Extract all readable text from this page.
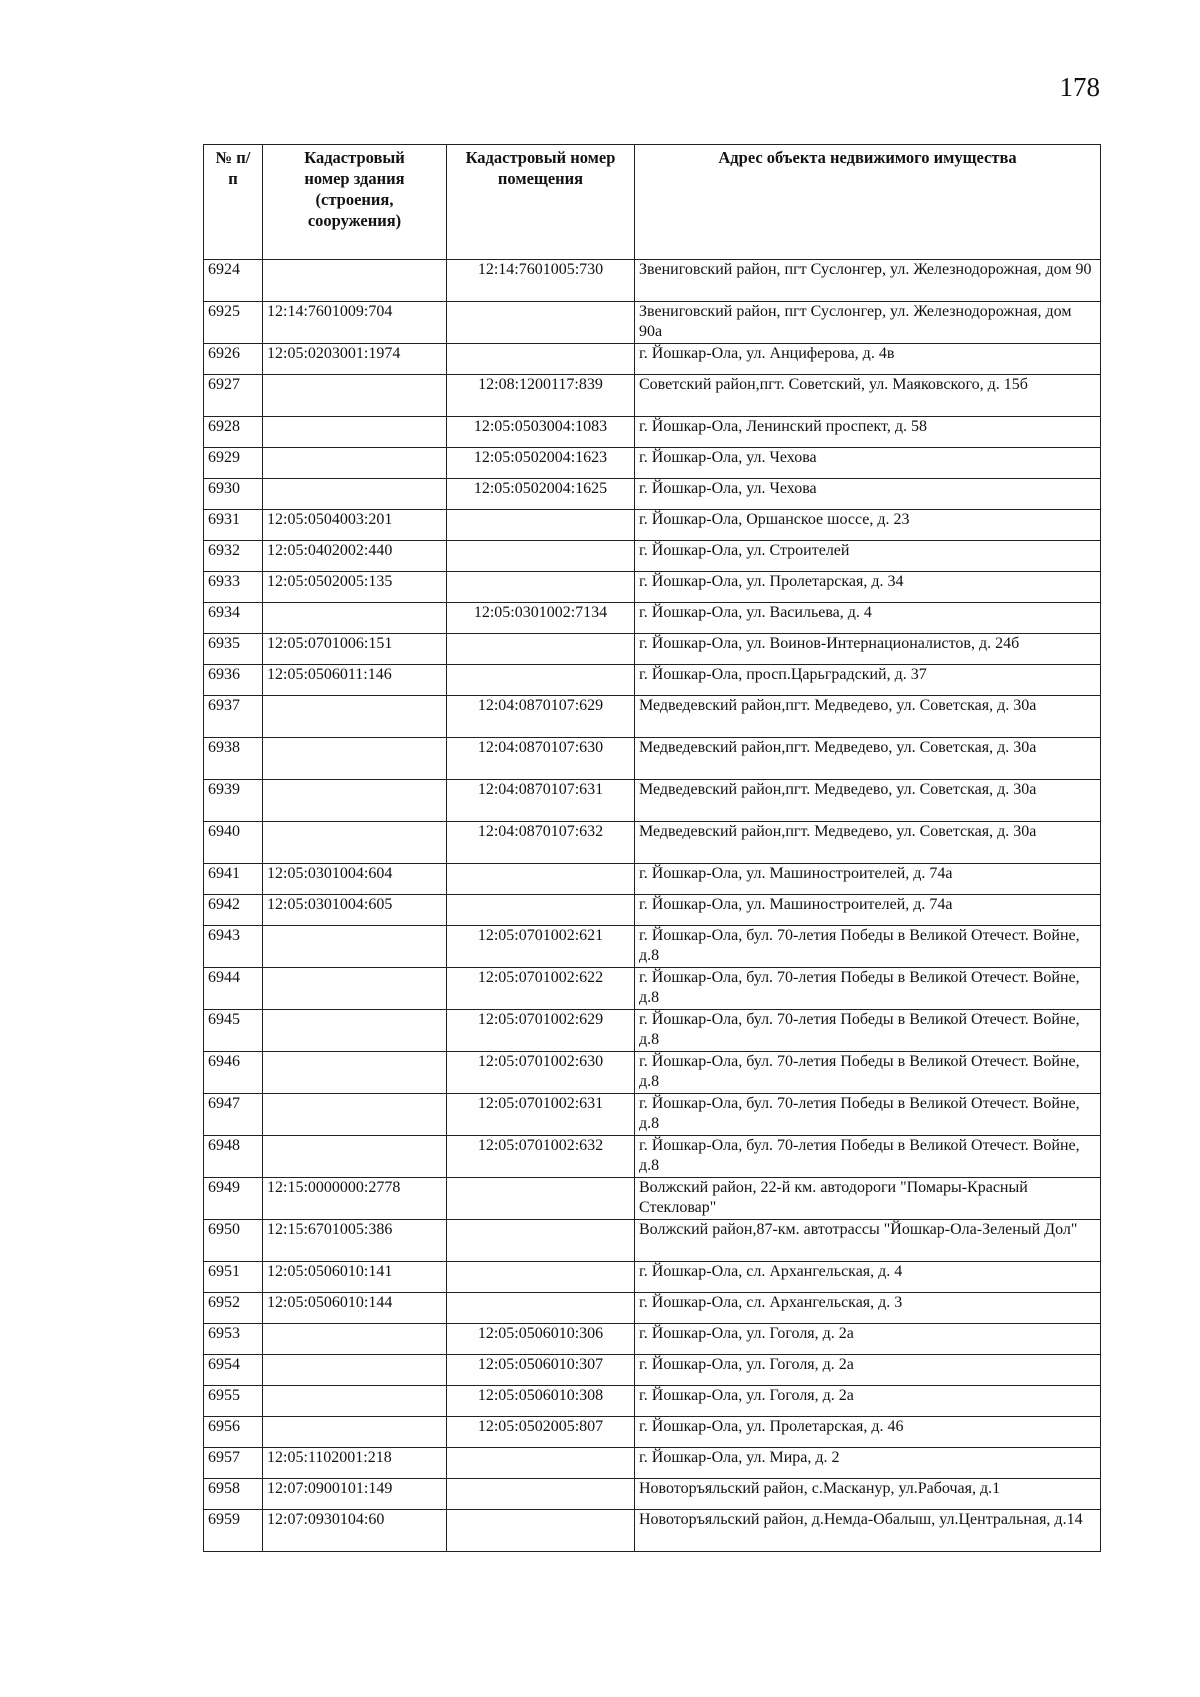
178
№ п/п	Кадастровый номер здания (строения, сооружения)	Кадастровый номер помещения	Адрес объекта недвижимого имущества
6924		12:14:7601005:730	Звениговский район, пгт Суслонгер, ул. Железнодорожная, дом 90
6925	12:14:7601009:704		Звениговский район, пгт Суслонгер, ул. Железнодорожная, дом 90а
6926	12:05:0203001:1974		г. Йошкар-Ола, ул. Анциферова, д. 4в
6927		12:08:1200117:839	Советский район,пгт. Советский, ул. Маяковского, д. 15б
6928		12:05:0503004:1083	г. Йошкар-Ола, Ленинский проспект, д. 58
6929		12:05:0502004:1623	г. Йошкар-Ола, ул. Чехова
6930		12:05:0502004:1625	г. Йошкар-Ола, ул. Чехова
6931	12:05:0504003:201		г. Йошкар-Ола, Оршанское шоссе, д. 23
6932	12:05:0402002:440		г. Йошкар-Ола, ул. Строителей
6933	12:05:0502005:135		г. Йошкар-Ола, ул. Пролетарская, д. 34
6934		12:05:0301002:7134	г. Йошкар-Ола, ул. Васильева, д. 4
6935	12:05:0701006:151		г. Йошкар-Ола, ул. Воинов-Интернационалистов, д. 24б
6936	12:05:0506011:146		г. Йошкар-Ола, просп.Царьградский, д. 37
6937		12:04:0870107:629	Медведевский район,пгт. Медведево, ул. Советская, д. 30а
6938		12:04:0870107:630	Медведевский район,пгт. Медведево, ул. Советская, д. 30а
6939		12:04:0870107:631	Медведевский район,пгт. Медведево, ул. Советская, д. 30а
6940		12:04:0870107:632	Медведевский район,пгт. Медведево, ул. Советская, д. 30а
6941	12:05:0301004:604		г. Йошкар-Ола, ул. Машиностроителей, д. 74а
6942	12:05:0301004:605		г. Йошкар-Ола, ул. Машиностроителей, д. 74а
6943		12:05:0701002:621	г. Йошкар-Ола, бул. 70-летия Победы в Великой Отечест. Войне, д.8
6944		12:05:0701002:622	г. Йошкар-Ола, бул. 70-летия Победы в Великой Отечест. Войне, д.8
6945		12:05:0701002:629	г. Йошкар-Ола, бул. 70-летия Победы в Великой Отечест. Войне, д.8
6946		12:05:0701002:630	г. Йошкар-Ола, бул. 70-летия Победы в Великой Отечест. Войне, д.8
6947		12:05:0701002:631	г. Йошкар-Ола, бул. 70-летия Победы в Великой Отечест. Войне, д.8
6948		12:05:0701002:632	г. Йошкар-Ола, бул. 70-летия Победы в Великой Отечест. Войне, д.8
6949	12:15:0000000:2778		Волжский район, 22-й км. автодороги "Помары-Красный Стекловар"
6950	12:15:6701005:386		Волжский район,87-км. автотрассы "Йошкар-Ола-Зеленый Дол"
6951	12:05:0506010:141		г. Йошкар-Ола, сл. Архангельская, д. 4
6952	12:05:0506010:144		г. Йошкар-Ола, сл. Архангельская, д. 3
6953		12:05:0506010:306	г. Йошкар-Ола, ул. Гоголя, д. 2а
6954		12:05:0506010:307	г. Йошкар-Ола, ул. Гоголя, д. 2а
6955		12:05:0506010:308	г. Йошкар-Ола, ул. Гоголя, д. 2а
6956		12:05:0502005:807	г. Йошкар-Ола, ул. Пролетарская, д. 46
6957	12:05:1102001:218		г. Йошкар-Ола, ул. Мира, д. 2
6958	12:07:0900101:149		Новоторъяльский район, с.Масканур, ул.Рабочая, д.1
6959	12:07:0930104:60		Новоторъяльский район, д.Немда-Обалыш, ул.Центральная, д.14
